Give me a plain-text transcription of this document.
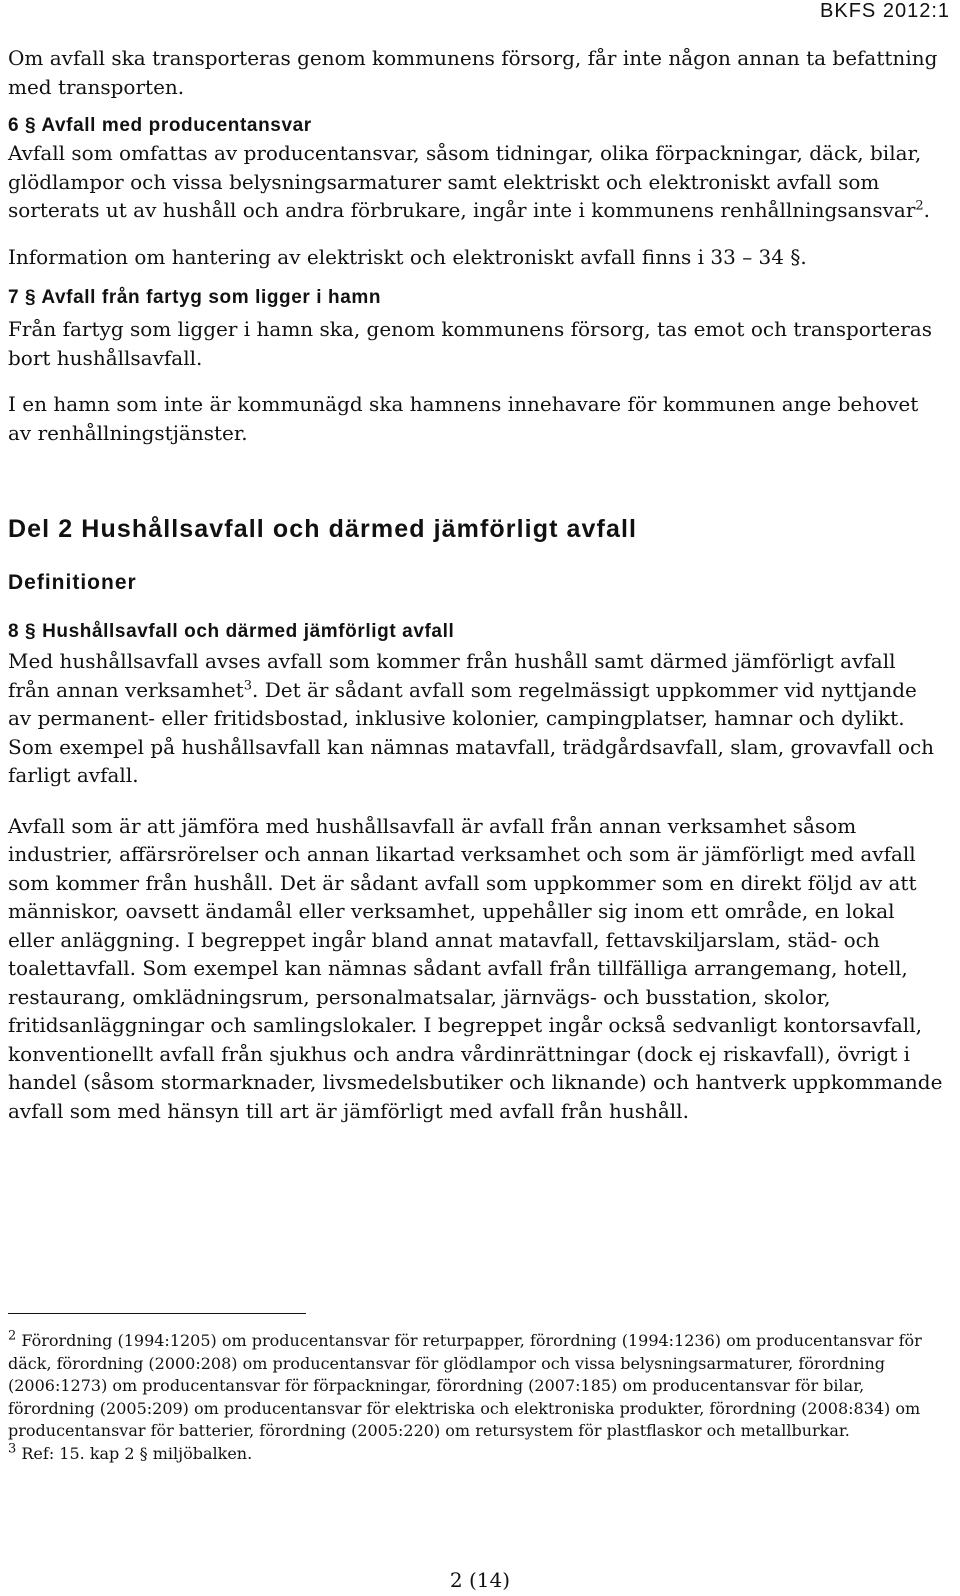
BKFS 2012:1

Om avfall ska transporteras genom kommunens försorg, får inte någon annan ta befattning med transporten.

6 § Avfall med producentansvar

Avfall som omfattas av producentansvar, såsom tidningar, olika förpackningar, däck, bilar, glödlampor och vissa belysningsarmaturer samt elektriskt och elektroniskt avfall som sorterats ut av hushåll och andra förbrukare, ingår inte i kommunens renhållningsansvar$^2$.

Information om hantering av elektriskt och elektroniskt avfall finns i 33 – 34 §.

7 § Avfall från fartyg som ligger i hamn

Från fartyg som ligger i hamn ska, genom kommunens försorg, tas emot och transporteras bort hushållsavfall.

I en hamn som inte är kommunägd ska hamnens innehavare för kommunen ange behovet av renhållningstjänster.

Del 2 Hushållsavfall och därmed jämförligt avfall
Definitioner
8 § Hushållsavfall och därmed jämförligt avfall

Med hushållsavfall avses avfall som kommer från hushåll samt därmed jämförligt avfall från annan verksamhet$^3$. Det är sådant avfall som regelmässigt uppkommer vid nyttjande av permanent- eller fritidsbostad, inklusive kolonier, campingplatser, hamnar och dylikt. Som exempel på hushållsavfall kan nämnas matavfall, trädgårdsavfall, slam, grovavfall och farligt avfall.

Avfall som är att jämföra med hushållsavfall är avfall från annan verksamhet såsom industrier, affärsrörelser och annan likartad verksamhet och som är jämförligt med avfall som kommer från hushåll. Det är sådant avfall som uppkommer som en direkt följd av att människor, oavsett ändamål eller verksamhet, uppehåller sig inom ett område, en lokal eller anläggning. I begreppet ingår bland annat matavfall, fettavskiljarslam, städ- och toalettavfall. Som exempel kan nämnas sådant avfall från tillfälliga arrangemang, hotell, restaurang, omklädningsrum, personalmatsalar, järnvägs- och busstation, skolor, fritidsanläggningar och samlingslokaler. I begreppet ingår också sedvanligt kontorsavfall, konventionellt avfall från sjukhus och andra vårdinrättningar (dock ej riskavfall), övrigt i handel (såsom stormarknader, livsmedelsbutiker och liknande) och hantverk uppkommande avfall som med hänsyn till art är jämförligt med avfall från hushåll.

$^2$ Förordning (1994:1205) om producentansvar för returpapper, förordning (1994:1236) om producentansvar för däck, förordning (2000:208) om producentansvar för glödlampor och vissa belysningsarmaturer, förordning (2006:1273) om producentansvar för förpackningar, förordning (2007:185) om producentansvar för bilar, förordning (2005:209) om producentansvar för elektriska och elektroniska produkter, förordning (2008:834) om producentansvar för batterier, förordning (2005:220) om retursystem för plastflaskor och metallburkar.

$^3$ Ref: 15. kap 2 § miljöbalken.

2 (14)
